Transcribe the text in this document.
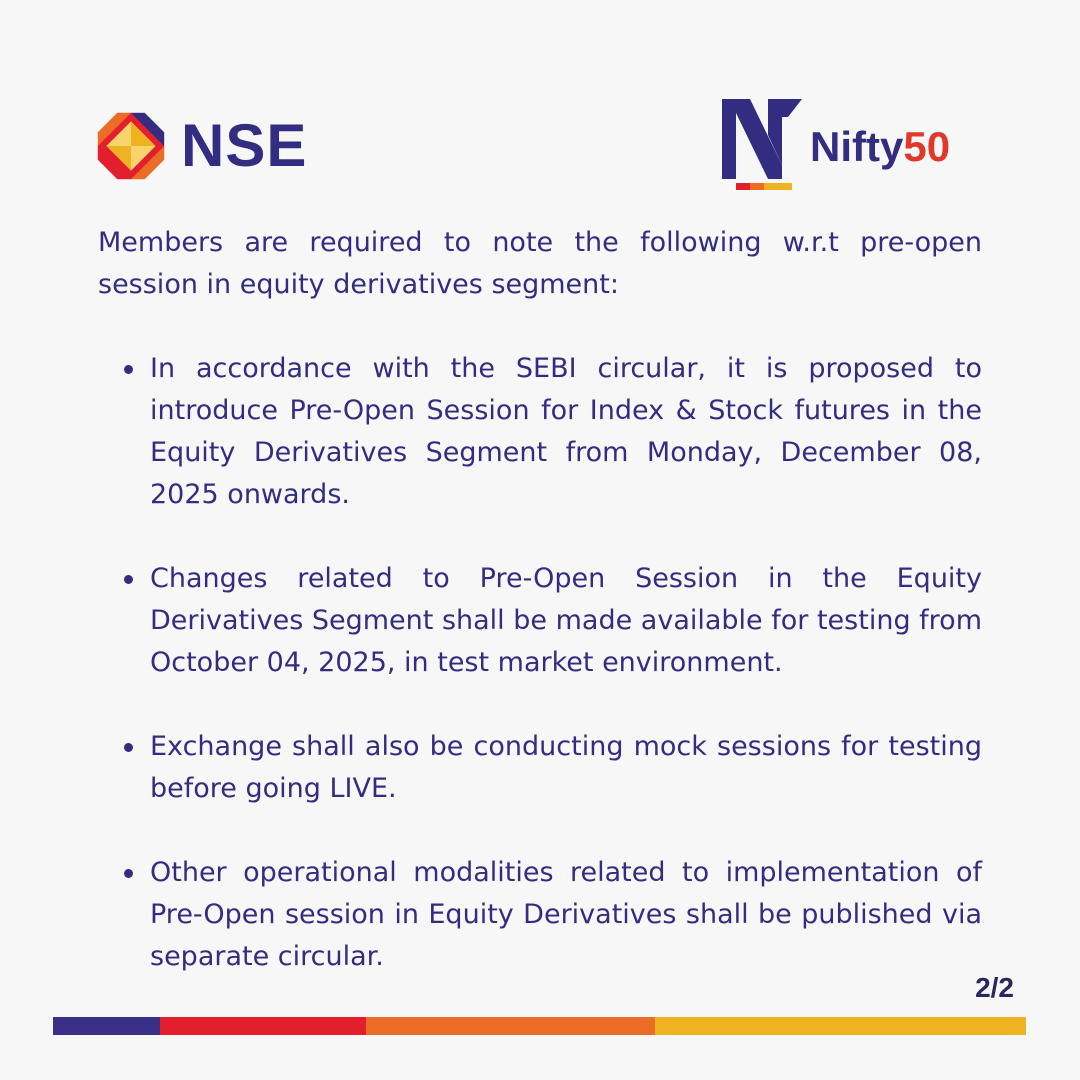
NSE	Nifty50

Members are required to note the following w.r.t pre-open session in equity derivatives segment:

In accordance with the SEBI circular, it is proposed to introduce Pre-Open Session for Index & Stock futures in the Equity Derivatives Segment from Monday, December 08, 2025 onwards.
Changes related to Pre-Open Session in the Equity Derivatives Segment shall be made available for testing from October 04, 2025, in test market environment.
Exchange shall also be conducting mock sessions for testing before going LIVE.
Other operational modalities related to implementation of Pre-Open session in Equity Derivatives shall be published via separate circular.
2/2
